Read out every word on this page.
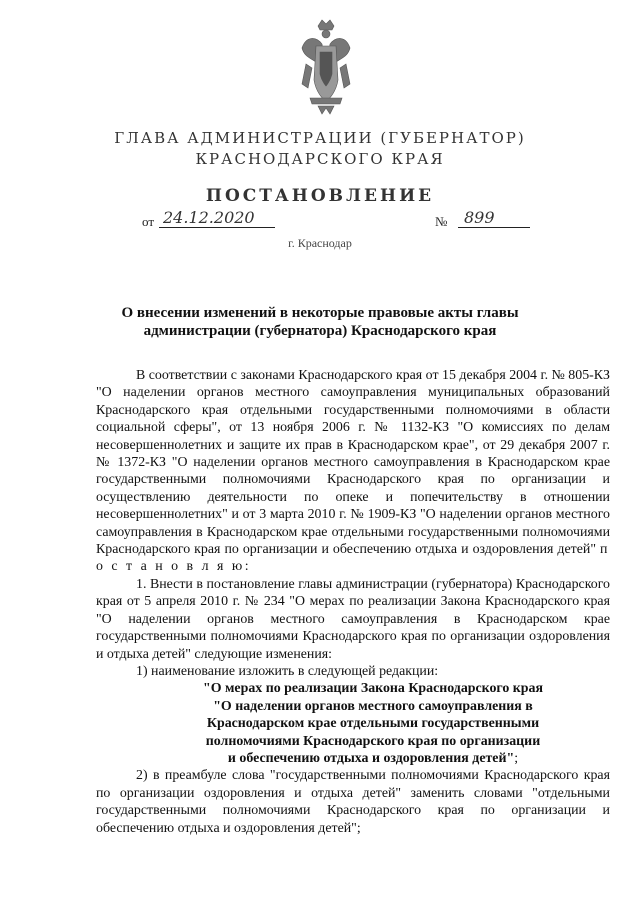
ГЛАВА АДМИНИСТРАЦИИ (ГУБЕРНАТОР)
КРАСНОДАРСКОГО КРАЯ
ПОСТАНОВЛЕНИЕ
от 24.12.2020	№	899
г. Краснодар
О внесении изменений в некоторые правовые акты главы
администрации (губернатора) Краснодарского края

В соответствии с законами Краснодарского края от 15 декабря 2004 г. № 805-КЗ "О наделении органов местного самоуправления муниципальных образований Краснодарского края отдельными государственными полномочиями в области социальной сферы", от 13 ноября 2006 г. № 1132-КЗ "О комиссиях по делам несовершеннолетних и защите их прав в Краснодарском крае", от 29 декабря 2007 г. № 1372-КЗ "О наделении органов местного самоуправления в Краснодарском крае государственными полномочиями Краснодарского края по организации и осуществлению деятельности по опеке и попечительству в отношении несовершеннолетних" и от 3 марта 2010 г. № 1909-КЗ "О наделении органов местного самоуправления в Краснодарском крае отдельными государственными полномочиями Краснодарского края по организации и обеспечению отдыха и оздоровления детей" п о с т а н о в л я ю:

1. Внести в постановление главы администрации (губернатора) Краснодарского края от 5 апреля 2010 г. № 234 "О мерах по реализации Закона Краснодарского края "О наделении органов местного самоуправления в Краснодарском крае государственными полномочиями Краснодарского края по организации оздоровления и отдыха детей" следующие изменения:

1) наименование изложить в следующей редакции:

"О мерах по реализации Закона Краснодарского края

"О наделении органов местного самоуправления в

Краснодарском крае отдельными государственными

полномочиями Краснодарского края по организации

и обеспечению отдыха и оздоровления детей";

2) в преамбуле слова "государственными полномочиями Краснодарского края по организации оздоровления и отдыха детей" заменить словами "отдельными государственными полномочиями Краснодарского края по организации и обеспечению отдыха и оздоровления детей";
